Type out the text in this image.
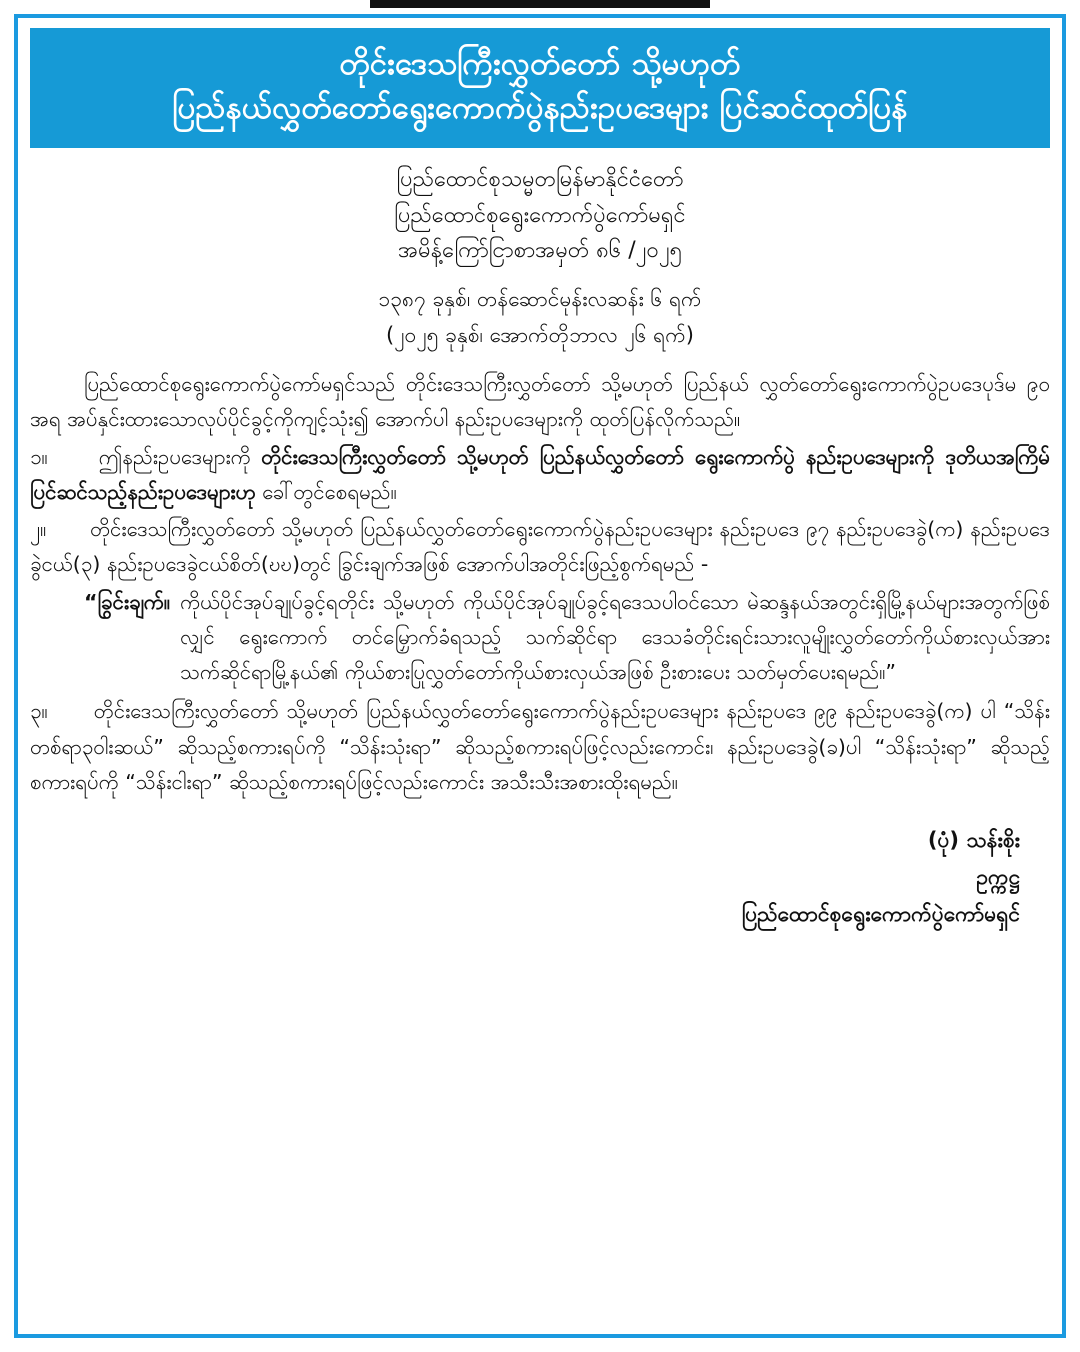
တိုင်းဒေသကြီးလွှတ်တော် သို့မဟုတ်
ပြည်နယ်လွှတ်တော်ရွေးကောက်ပွဲနည်းဥပဒေများ ပြင်ဆင်ထုတ်ပြန်
ပြည်ထောင်စုသမ္မတမြန်မာနိုင်ငံတော်
ပြည်ထောင်စုရွေးကောက်ပွဲကော်မရှင်
အမိန့်ကြော်ငြာစာအမှတ် ၈၆ /၂၀၂၅
၁၃၈၇ ခုနှစ်၊ တန်ဆောင်မုန်းလဆန်း ၆ ရက်
(၂၀၂၅ ခုနှစ်၊ အောက်တိုဘာလ ၂၆ ရက်)
ပြည်ထောင်စုရွေးကောက်ပွဲကော်မရှင်သည် တိုင်းဒေသကြီးလွှတ်တော် သို့မဟုတ် ပြည်နယ် လွှတ်တော်ရွေးကောက်ပွဲဥပဒေပုဒ်မ ၉၀ အရ အပ်နှင်းထားသောလုပ်ပိုင်ခွင့်ကိုကျင့်သုံး၍ အောက်ပါ နည်းဥပဒေများကို ထုတ်ပြန်လိုက်သည်။
၁။ ဤနည်းဥပဒေများကို တိုင်းဒေသကြီးလွှတ်တော် သို့မဟုတ် ပြည်နယ်လွှတ်တော် ရွေးကောက်ပွဲ နည်းဥပဒေများကို ဒုတိယအကြိမ်ပြင်ဆင်သည့်နည်းဥပဒေများဟု ခေါ်တွင်စေရမည်။
၂။ တိုင်းဒေသကြီးလွှတ်တော် သို့မဟုတ် ပြည်နယ်လွှတ်တော်ရွေးကောက်ပွဲနည်းဥပဒေများ နည်းဥပဒေ ၉၇ နည်းဥပဒေခွဲ(က) နည်းဥပဒေခွဲငယ်(၃) နည်းဥပဒေခွဲငယ်စိတ်(ဎဎ)တွင် ခြွင်းချက်အဖြစ် အောက်ပါအတိုင်းဖြည့်စွက်ရမည် -
“ခြွင်းချက်။ ကိုယ်ပိုင်အုပ်ချုပ်ခွင့်ရတိုင်း သို့မဟုတ် ကိုယ်ပိုင်အုပ်ချုပ်ခွင့်ရဒေသပါဝင်သော မဲဆန္ဒနယ်အတွင်းရှိမြို့နယ်များအတွက်ဖြစ်လျှင် ရွေးကောက် တင်မြှောက်ခံရသည့် သက်ဆိုင်ရာ ဒေသခံတိုင်းရင်းသားလူမျိုးလွှတ်တော်ကိုယ်စားလှယ်အား သက်ဆိုင်ရာမြို့နယ်၏ ကိုယ်စားပြုလွှတ်တော်ကိုယ်စားလှယ်အဖြစ် ဦးစားပေး သတ်မှတ်ပေးရမည်။”
၃။ တိုင်းဒေသကြီးလွှတ်တော် သို့မဟုတ် ပြည်နယ်လွှတ်တော်ရွေးကောက်ပွဲနည်းဥပဒေများ နည်းဥပဒေ ၉၉ နည်းဥပဒေခွဲ(က) ပါ “သိန်းတစ်ရာ၃၀ါးဆယ်” ဆိုသည့်စကားရပ်ကို “သိန်းသုံးရာ” ဆိုသည့်စကားရပ်ဖြင့်လည်းကောင်း၊ နည်းဥပဒေခွဲ(ခ)ပါ “သိန်းသုံးရာ” ဆိုသည့်စကားရပ်ကို “သိန်းငါးရာ” ဆိုသည့်စကားရပ်ဖြင့်လည်းကောင်း အသီးသီးအစားထိုးရမည်။
(ပုံ) သန်းစိုး
ဥက္ကဋ္ဌ
ပြည်ထောင်စုရွေးကောက်ပွဲကော်မရှင်
